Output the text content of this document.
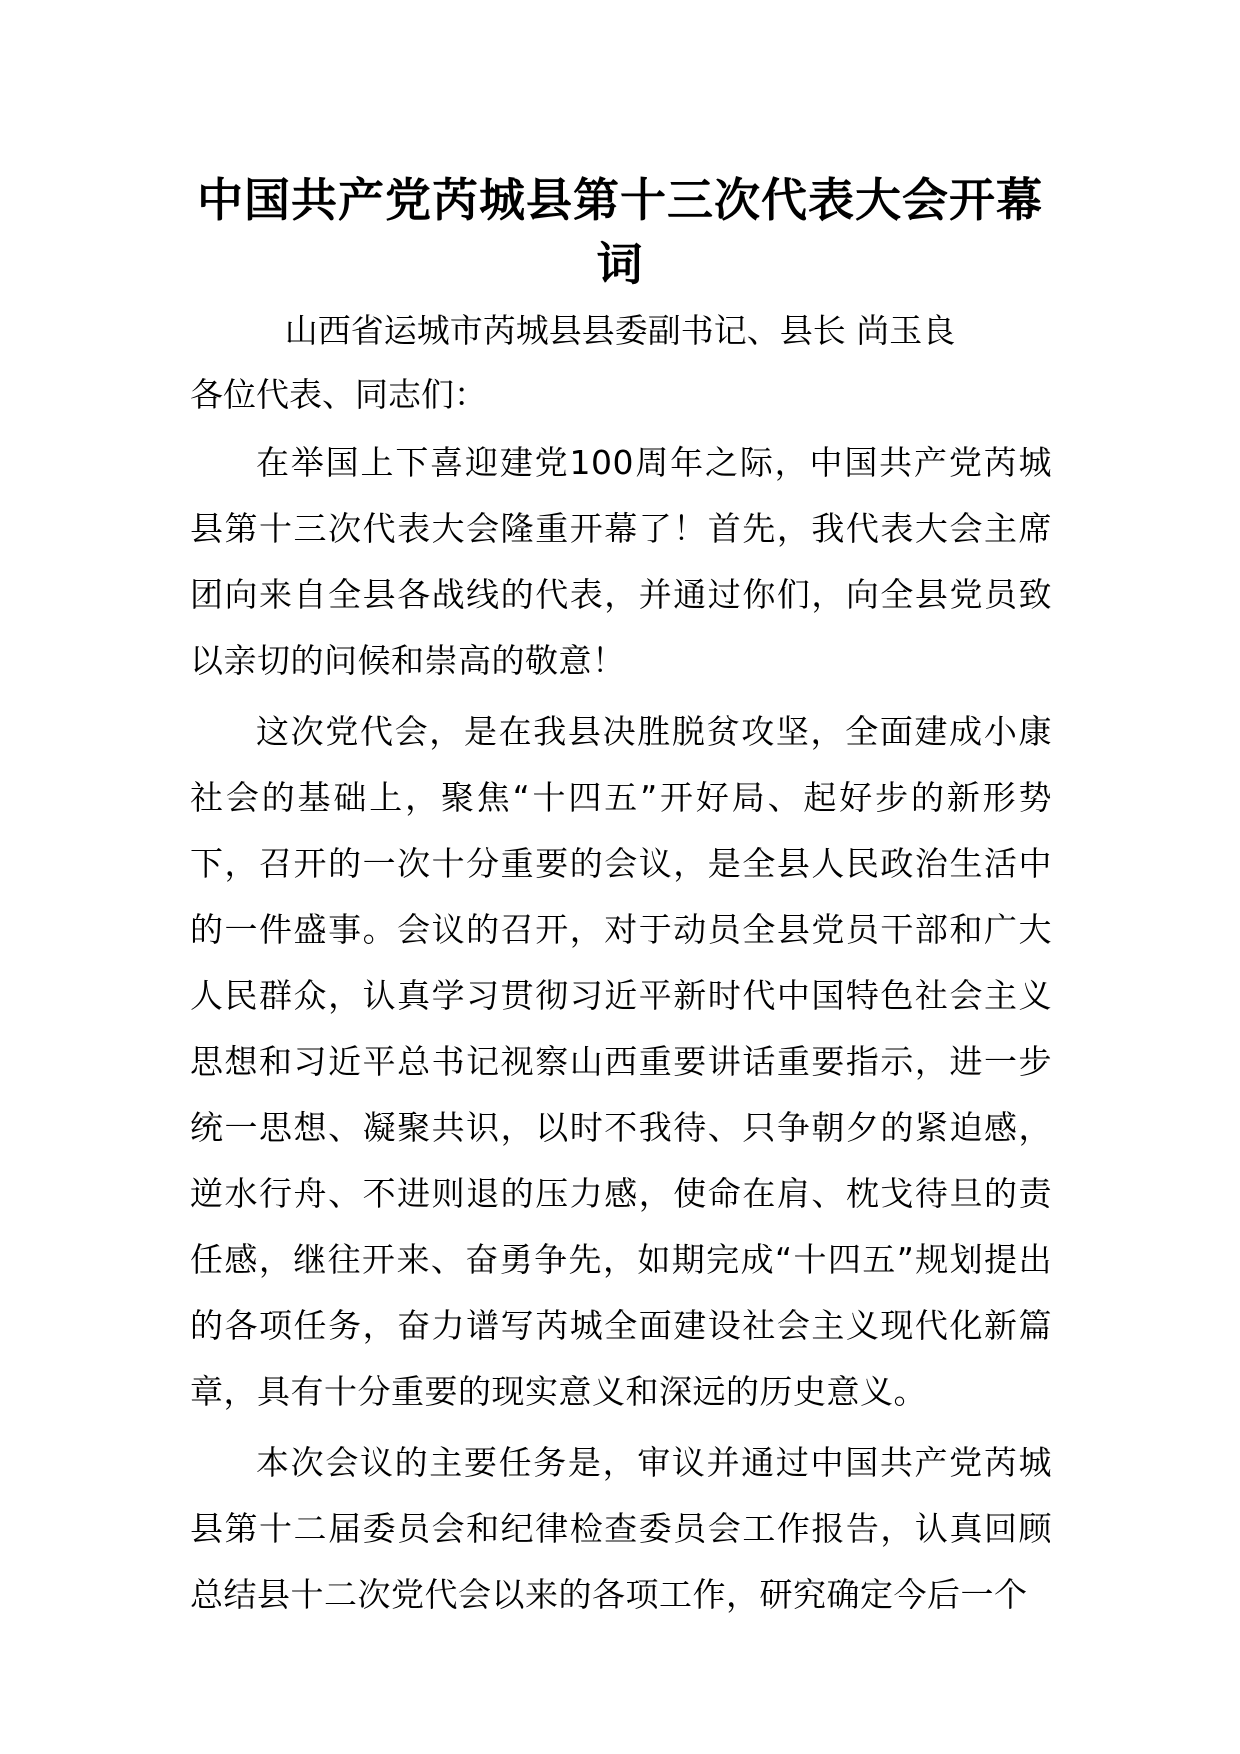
中国共产党芮城县第十三次代表大会开幕词

山西省运城市芮城县县委副书记、县长 尚玉良

各位代表、同志们：

在举国上下喜迎建党100周年之际，中国共产党芮城县第十三次代表大会隆重开幕了！首先，我代表大会主席团向来自全县各战线的代表，并通过你们，向全县党员致以亲切的问候和崇高的敬意！

这次党代会，是在我县决胜脱贫攻坚，全面建成小康社会的基础上，聚焦“十四五”开好局、起好步的新形势下，召开的一次十分重要的会议，是全县人民政治生活中的一件盛事。会议的召开，对于动员全县党员干部和广大人民群众，认真学习贯彻习近平新时代中国特色社会主义思想和习近平总书记视察山西重要讲话重要指示，进一步统一思想、凝聚共识，以时不我待、只争朝夕的紧迫感，逆水行舟、不进则退的压力感，使命在肩、枕戈待旦的责任感，继往开来、奋勇争先，如期完成“十四五”规划提出的各项任务，奋力谱写芮城全面建设社会主义现代化新篇章，具有十分重要的现实意义和深远的历史意义。

本次会议的主要任务是，审议并通过中国共产党芮城县第十二届委员会和纪律检查委员会工作报告，认真回顾总结县十二次党代会以来的各项工作，研究确定今后一个
